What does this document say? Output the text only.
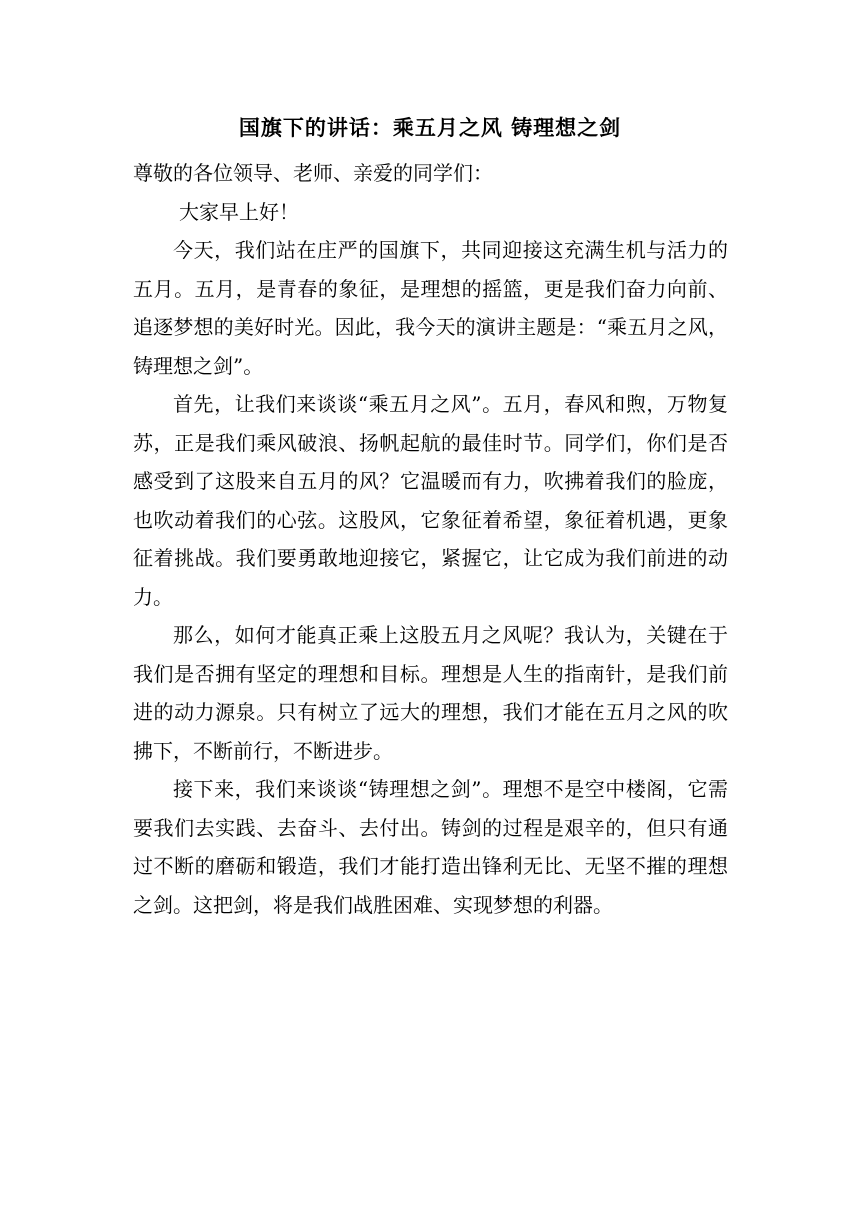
国旗下的讲话：乘五月之风 铸理想之剑

尊敬的各位领导、老师、亲爱的同学们：

大家早上好！

今天，我们站在庄严的国旗下，共同迎接这充满生机与活力的五月。五月，是青春的象征，是理想的摇篮，更是我们奋力向前、追逐梦想的美好时光。因此，我今天的演讲主题是：“乘五月之风，铸理想之剑”。

首先，让我们来谈谈“乘五月之风”。五月，春风和煦，万物复苏，正是我们乘风破浪、扬帆起航的最佳时节。同学们，你们是否感受到了这股来自五月的风？它温暖而有力，吹拂着我们的脸庞，也吹动着我们的心弦。这股风，它象征着希望，象征着机遇，更象征着挑战。我们要勇敢地迎接它，紧握它，让它成为我们前进的动力。

那么，如何才能真正乘上这股五月之风呢？我认为，关键在于我们是否拥有坚定的理想和目标。理想是人生的指南针，是我们前进的动力源泉。只有树立了远大的理想，我们才能在五月之风的吹拂下，不断前行，不断进步。

接下来，我们来谈谈“铸理想之剑”。理想不是空中楼阁，它需要我们去实践、去奋斗、去付出。铸剑的过程是艰辛的，但只有通过不断的磨砺和锻造，我们才能打造出锋利无比、无坚不摧的理想之剑。这把剑，将是我们战胜困难、实现梦想的利器。
